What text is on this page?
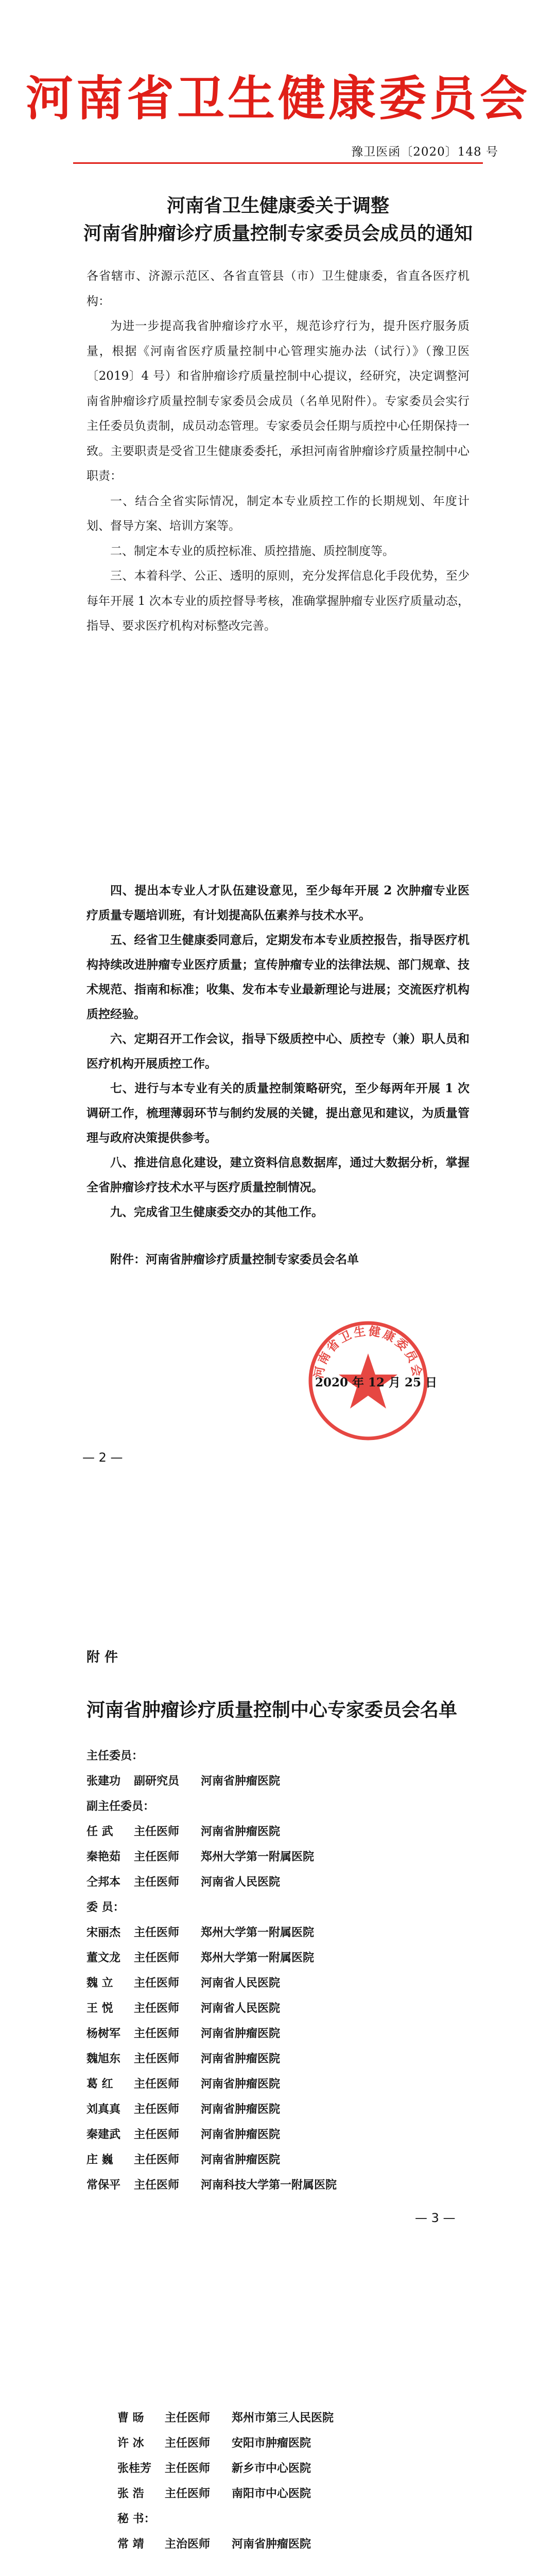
河南省卫生健康委员会
豫卫医函〔2020〕148 号
河南省卫生健康委关于调整
河南省肿瘤诊疗质量控制专家委员会成员的通知

各省辖市、济源示范区、各省直管县（市）卫生健康委，省直各医疗机构：

为进一步提高我省肿瘤诊疗水平，规范诊疗行为，提升医疗服务质量，根据《河南省医疗质量控制中心管理实施办法（试行）》（豫卫医〔2019〕4 号）和省肿瘤诊疗质量控制中心提议，经研究，决定调整河南省肿瘤诊疗质量控制专家委员会成员（名单见附件）。专家委员会实行主任委员负责制，成员动态管理。专家委员会任期与质控中心任期保持一致。主要职责是受省卫生健康委委托，承担河南省肿瘤诊疗质量控制中心职责：

一、结合全省实际情况，制定本专业质控工作的长期规划、年度计划、督导方案、培训方案等。

二、制定本专业的质控标准、质控措施、质控制度等。

三、本着科学、公正、透明的原则，充分发挥信息化手段优势，至少每年开展 1 次本专业的质控督导考核，准确掌握肿瘤专业医疗质量动态，指导、要求医疗机构对标整改完善。

四、提出本专业人才队伍建设意见，至少每年开展 2 次肿瘤专业医疗质量专题培训班，有计划提高队伍素养与技术水平。

五、经省卫生健康委同意后，定期发布本专业质控报告，指导医疗机构持续改进肿瘤专业医疗质量；宣传肿瘤专业的法律法规、部门规章、技术规范、指南和标准；收集、发布本专业最新理论与进展；交流医疗机构质控经验。

六、定期召开工作会议，指导下级质控中心、质控专（兼）职人员和医疗机构开展质控工作。

七、进行与本专业有关的质量控制策略研究，至少每两年开展 1 次调研工作，梳理薄弱环节与制约发展的关键，提出意见和建议，为质量管理与政府决策提供参考。

八、推进信息化建设，建立资料信息数据库，通过大数据分析，掌握全省肿瘤诊疗技术水平与医疗质量控制情况。

九、完成省卫生健康委交办的其他工作。

附件：河南省肿瘤诊疗质量控制专家委员会名单

河南省卫生健康委员会
2020 年 12 月 25 日
— 2 —
附 件
河南省肿瘤诊疗质量控制中心专家委员会名单
主任委员：
张建功	副研究员	河南省肿瘤医院
副主任委员：
任 武	主任医师	河南省肿瘤医院
秦艳茹	主任医师	郑州大学第一附属医院
仝邦本	主任医师	河南省人民医院
委 员：
宋丽杰	主任医师	郑州大学第一附属医院
董文龙	主任医师	郑州大学第一附属医院
魏 立	主任医师	河南省人民医院
王 悦	主任医师	河南省人民医院
杨树军	主任医师	河南省肿瘤医院
魏旭东	主任医师	河南省肿瘤医院
葛 红	主任医师	河南省肿瘤医院
刘真真	主任医师	河南省肿瘤医院
秦建武	主任医师	河南省肿瘤医院
庄 巍	主任医师	河南省肿瘤医院
常保平	主任医师	河南科技大学第一附属医院
— 3 —
曹 旸	主任医师	郑州市第三人民医院
许 冰	主任医师	安阳市肿瘤医院
张桂芳	主任医师	新乡市中心医院
张 浩	主任医师	南阳市中心医院
秘 书：
常 靖	主治医师	河南省肿瘤医院
